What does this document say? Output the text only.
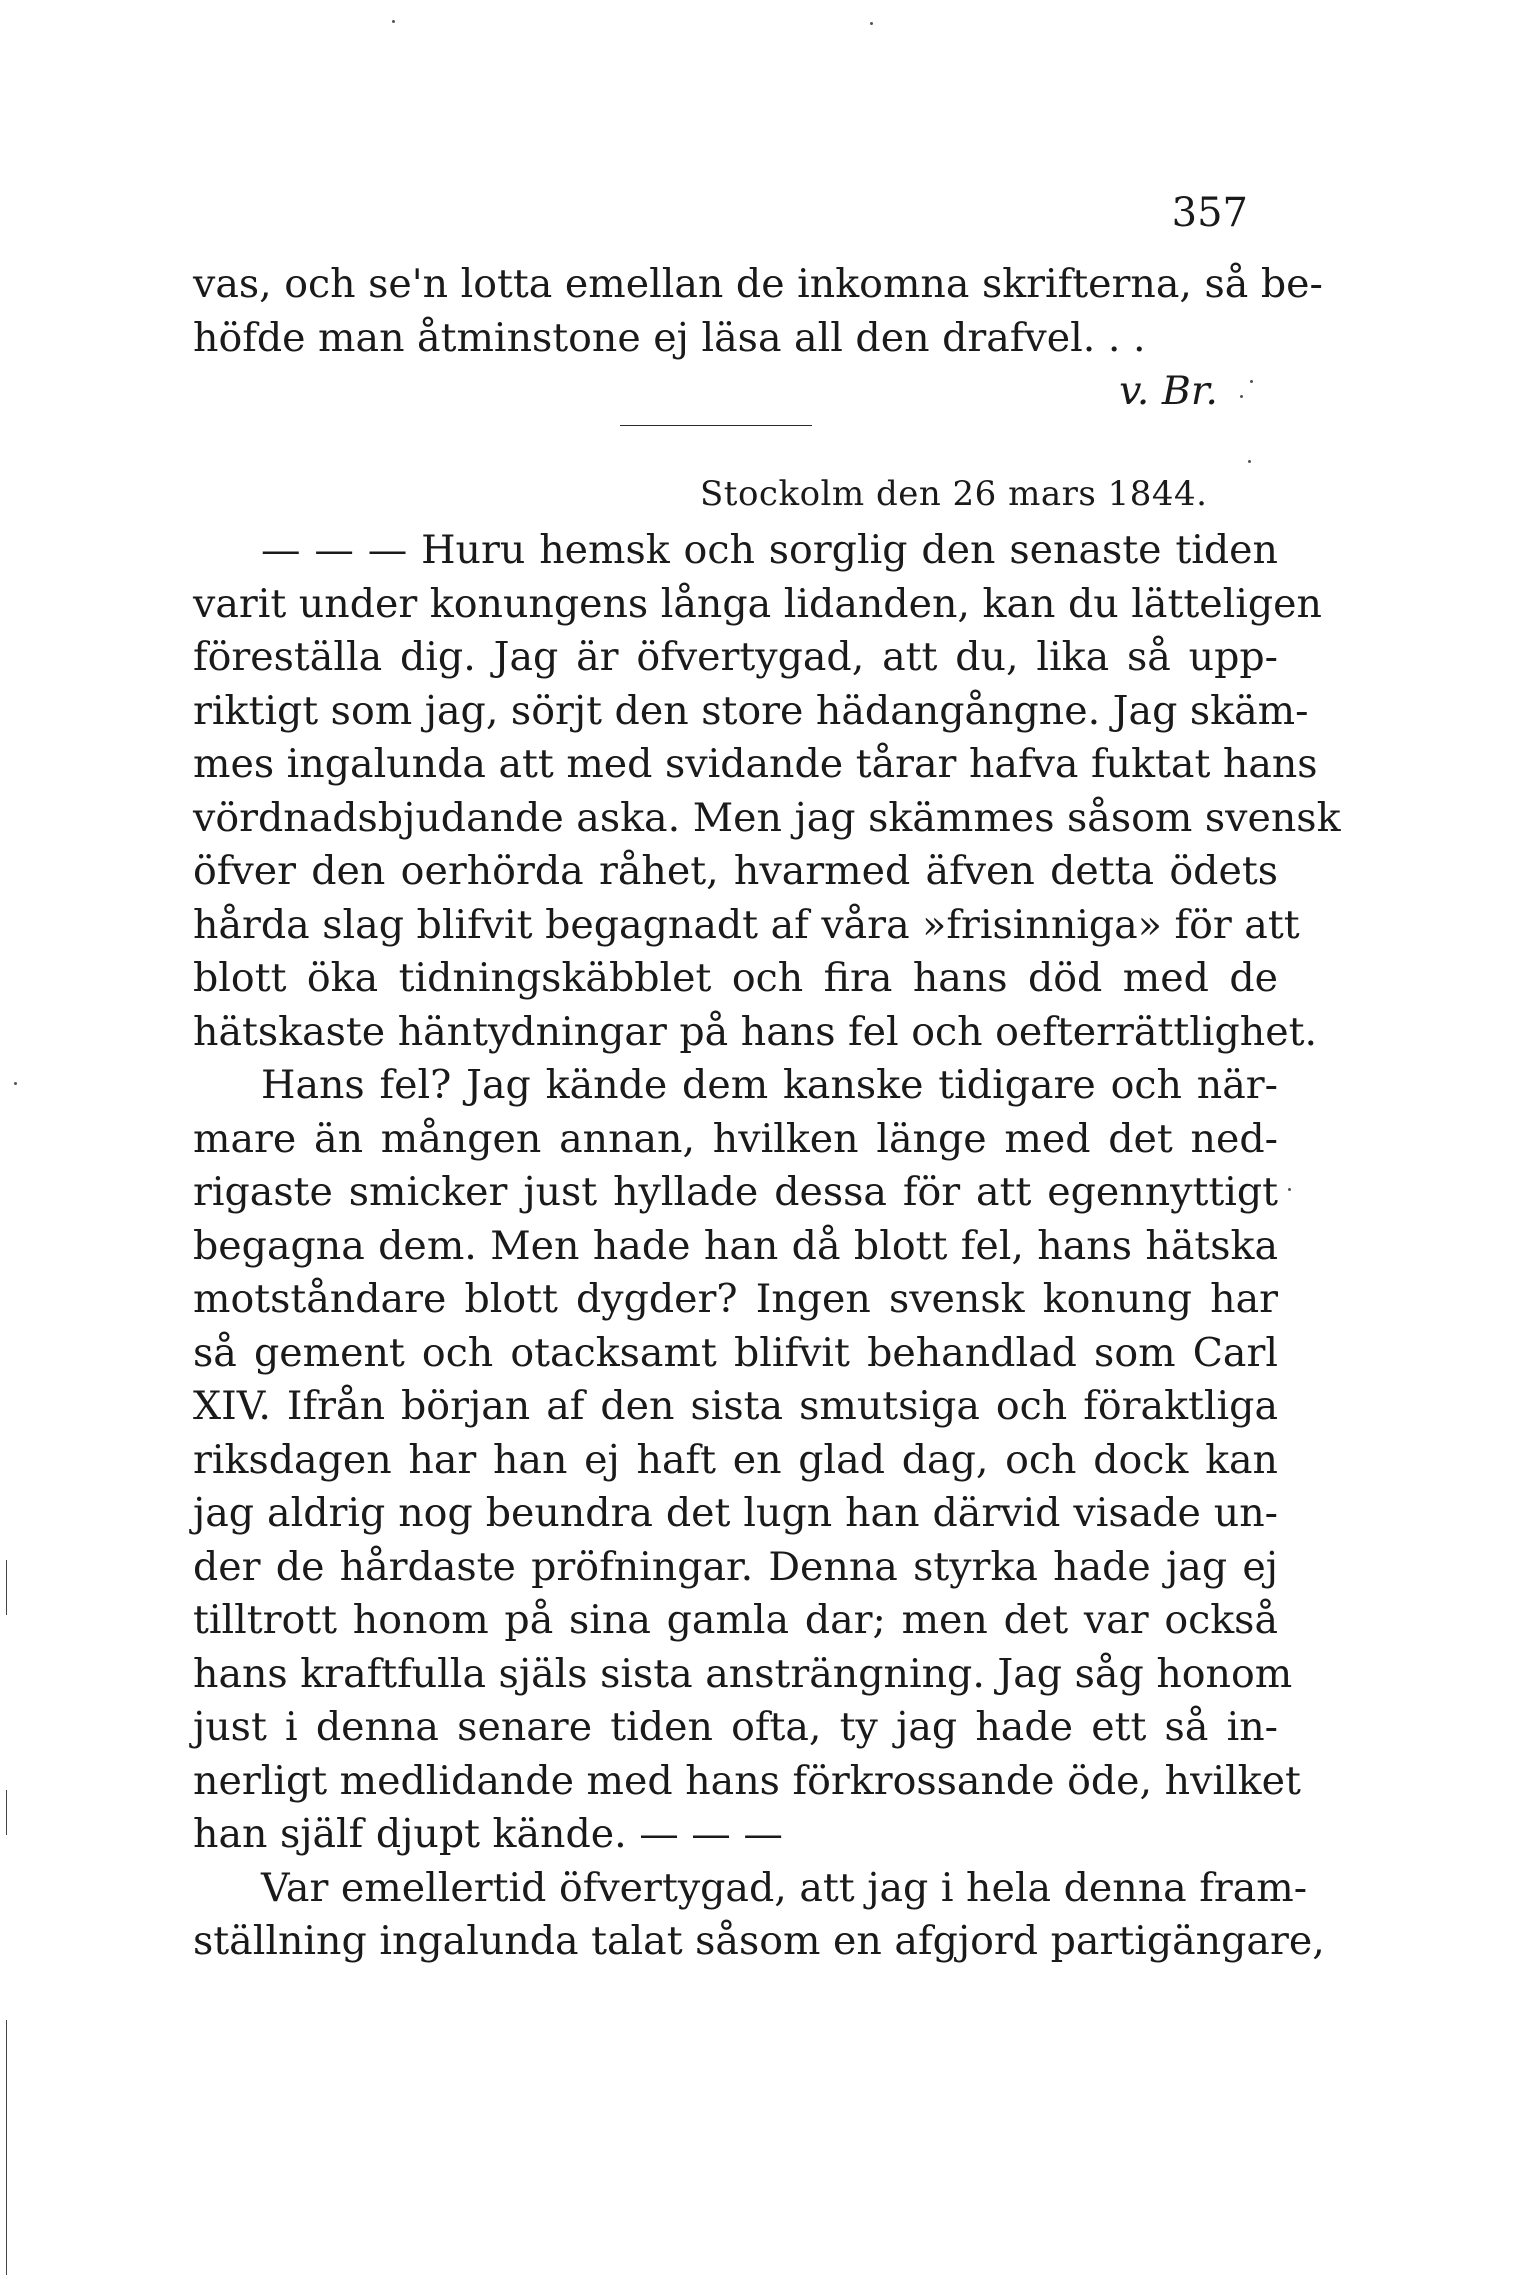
357
vas, och se'n lotta emellan de inkomna skrifterna, så be-
höfde man åtminstone ej läsa all den drafvel. . .
v. Br.
Stockolm den 26 mars 1844.
— — — Huru hemsk och sorglig den senaste tiden
varit under konungens långa lidanden, kan du lätteligen
föreställa dig. Jag är öfvertygad, att du, lika så upp-
riktigt som jag, sörjt den store hädangångne. Jag skäm-
mes ingalunda att med svidande tårar hafva fuktat hans
vördnadsbjudande aska. Men jag skämmes såsom svensk
öfver den oerhörda råhet, hvarmed äfven detta ödets
hårda slag blifvit begagnadt af våra »frisinniga» för att
blott öka tidningskäbblet och fira hans död med de
hätskaste häntydningar på hans fel och oefterrättlighet.
Hans fel? Jag kände dem kanske tidigare och när-
mare än mången annan, hvilken länge med det ned-
rigaste smicker just hyllade dessa för att egennyttigt
begagna dem. Men hade han då blott fel, hans hätska
motståndare blott dygder? Ingen svensk konung har
så gement och otacksamt blifvit behandlad som Carl
XIV. Ifrån början af den sista smutsiga och föraktliga
riksdagen har han ej haft en glad dag, och dock kan
jag aldrig nog beundra det lugn han därvid visade un-
der de hårdaste pröfningar. Denna styrka hade jag ej
tilltrott honom på sina gamla dar; men det var också
hans kraftfulla själs sista ansträngning. Jag såg honom
just i denna senare tiden ofta, ty jag hade ett så in-
nerligt medlidande med hans förkrossande öde, hvilket
han själf djupt kände. — — —
Var emellertid öfvertygad, att jag i hela denna fram-
ställning ingalunda talat såsom en afgjord partigängare,
